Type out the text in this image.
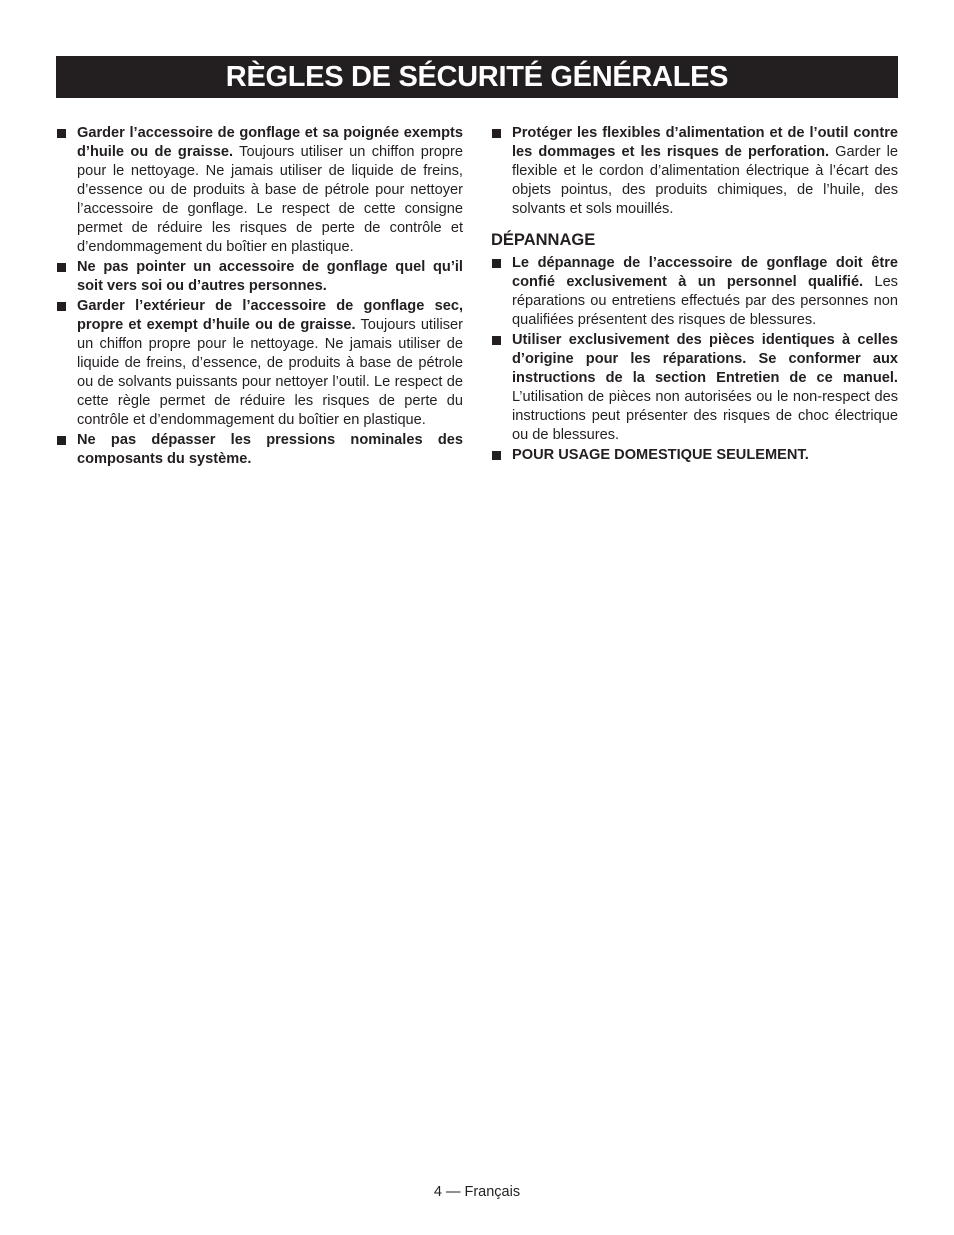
RÈGLES DE SÉCURITÉ GÉNÉRALES
Garder l’accessoire de gonflage et sa poignée exempts d’huile ou de graisse. Toujours utiliser un chiffon propre pour le nettoyage. Ne jamais utiliser de liquide de freins, d’essence ou de produits à base de pétrole pour nettoyer l’accessoire de gonflage. Le respect de cette consigne permet de réduire les risques de perte de contrôle et d’endommagement du boîtier en plastique.
Ne pas pointer un accessoire de gonflage quel qu’il soit vers soi ou d’autres personnes.
Garder l’extérieur de l’accessoire de gonflage sec, propre et exempt d’huile ou de graisse. Toujours utiliser un chiffon propre pour le nettoyage. Ne jamais utiliser de liquide de freins, d’essence, de produits à base de pétrole ou de solvants puissants pour nettoyer l’outil. Le respect de cette règle permet de réduire les risques de perte du contrôle et d’endommagement du boîtier en plastique.
Ne pas dépasser les pressions nominales des composants du système.
Protéger les flexibles d’alimentation et de l’outil contre les dommages et les risques de perforation. Garder le flexible et le cordon d’alimentation électrique à l’écart des objets pointus, des produits chimiques, de l’huile, des solvants et sols mouillés.
DÉPANNAGE
Le dépannage de l’accessoire de gonflage doit être confié exclusivement à un personnel qualifié. Les réparations ou entretiens effectués par des personnes non qualifiées présentent des risques de blessures.
Utiliser exclusivement des pièces identiques à celles d’origine pour les réparations. Se conformer aux instructions de la section Entretien de ce manuel. L’utilisation de pièces non autorisées ou le non-respect des instructions peut présenter des risques de choc électrique ou de blessures.
POUR USAGE DOMESTIQUE SEULEMENT.
4 — Français
